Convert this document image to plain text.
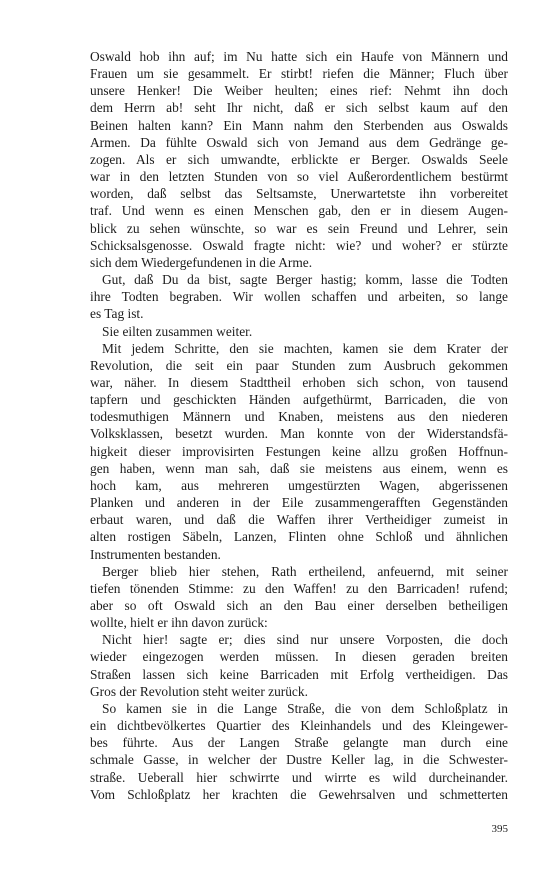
Oswald hob ihn auf; im Nu hatte sich ein Haufe von Männern und
Frauen um sie gesammelt. Er stirbt! riefen die Männer; Fluch über
unsere Henker! Die Weiber heulten; eines rief: Nehmt ihn doch
dem Herrn ab! seht Ihr nicht, daß er sich selbst kaum auf den
Beinen halten kann? Ein Mann nahm den Sterbenden aus Oswalds
Armen. Da fühlte Oswald sich von Jemand aus dem Gedränge ge-
zogen. Als er sich umwandte, erblickte er Berger. Oswalds Seele
war in den letzten Stunden von so viel Außerordentlichem bestürmt
worden, daß selbst das Seltsamste, Unerwartetste ihn vorbereitet
traf. Und wenn es einen Menschen gab, den er in diesem Augen-
blick zu sehen wünschte, so war es sein Freund und Lehrer, sein
Schicksalsgenosse. Oswald fragte nicht: wie? und woher? er stürzte
sich dem Wiedergefundenen in die Arme.

Gut, daß Du da bist, sagte Berger hastig; komm, lasse die Todten
ihre Todten begraben. Wir wollen schaffen und arbeiten, so lange
es Tag ist.

Sie eilten zusammen weiter.

Mit jedem Schritte, den sie machten, kamen sie dem Krater der
Revolution, die seit ein paar Stunden zum Ausbruch gekommen
war, näher. In diesem Stadttheil erhoben sich schon, von tausend
tapfern und geschickten Händen aufgethürmt, Barricaden, die von
todesmuthigen Männern und Knaben, meistens aus den niederen
Volksklassen, besetzt wurden. Man konnte von der Widerstandsfä-
higkeit dieser improvisirten Festungen keine allzu großen Hoffnun-
gen haben, wenn man sah, daß sie meistens aus einem, wenn es
hoch kam, aus mehreren umgestürzten Wagen, abgerissenen
Planken und anderen in der Eile zusammengerafften Gegenständen
erbaut waren, und daß die Waffen ihrer Vertheidiger zumeist in
alten rostigen Säbeln, Lanzen, Flinten ohne Schloß und ähnlichen
Instrumenten bestanden.

Berger blieb hier stehen, Rath ertheilend, anfeuernd, mit seiner
tiefen tönenden Stimme: zu den Waffen! zu den Barricaden! rufend;
aber so oft Oswald sich an den Bau einer derselben betheiligen
wollte, hielt er ihn davon zurück:

Nicht hier! sagte er; dies sind nur unsere Vorposten, die doch
wieder eingezogen werden müssen. In diesen geraden breiten
Straßen lassen sich keine Barricaden mit Erfolg vertheidigen. Das
Gros der Revolution steht weiter zurück.

So kamen sie in die Lange Straße, die von dem Schloßplatz in
ein dichtbevölkertes Quartier des Kleinhandels und des Kleingewer-
bes führte. Aus der Langen Straße gelangte man durch eine
schmale Gasse, in welcher der Dustre Keller lag, in die Schwester-
straße. Ueberall hier schwirrte und wirrte es wild durcheinander.
Vom Schloßplatz her krachten die Gewehrsalven und schmetterten

395
